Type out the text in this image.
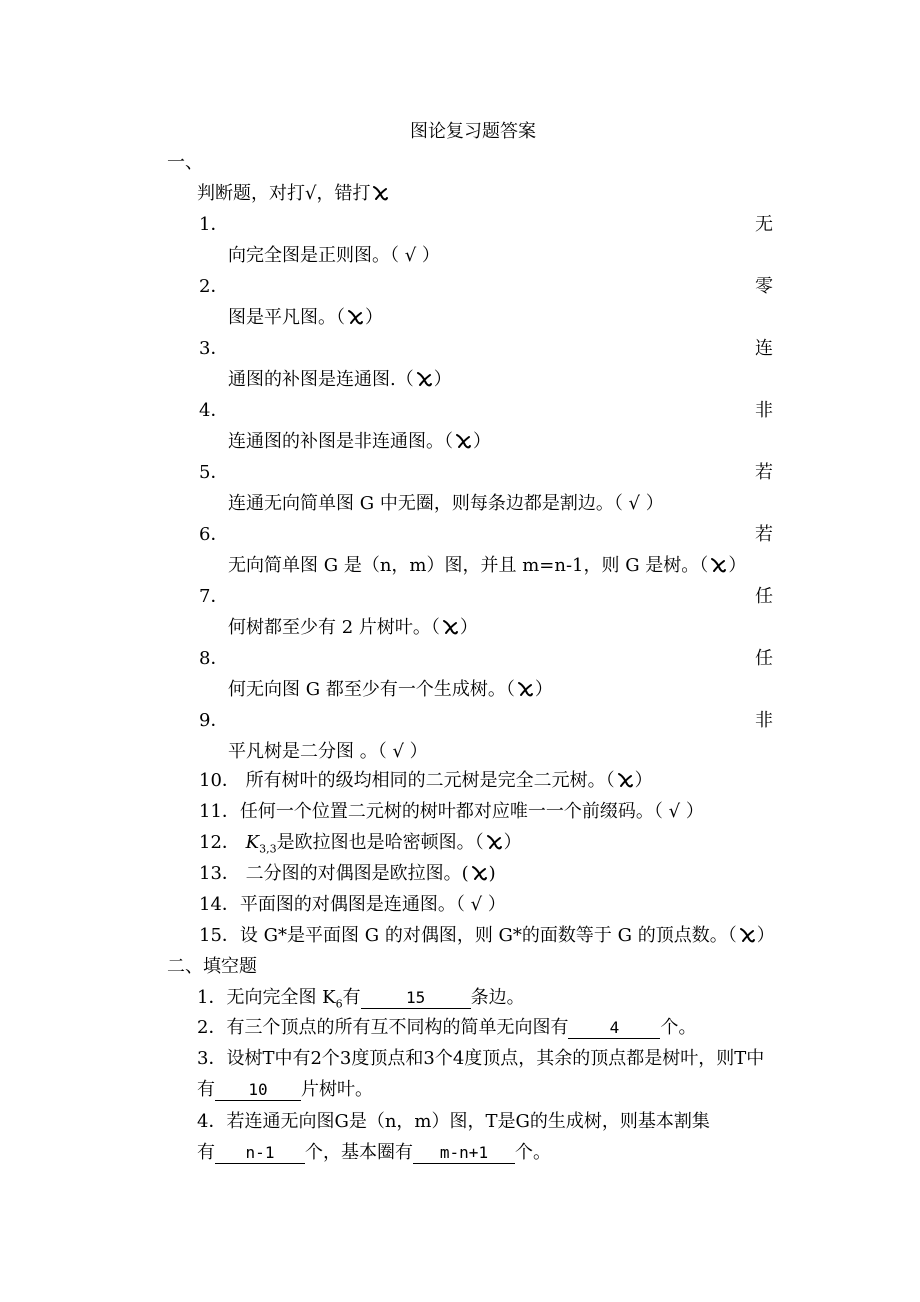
图论复习题答案
一、
判断题，对打√，错打
1．	无
向完全图是正则图。（ √ ）
2．	零
图是平凡图。（ ）
3．	连
通图的补图是连通图.（ ）
4．	非
连通图的补图是非连通图。（ ）
5．	若
连通无向简单图 G 中无圈，则每条边都是割边。（ √ ）
6．	若
无向简单图 G 是（n，m）图，并且 m=n-1，则 G 是树。（ ）
7．	任
何树都至少有 2 片树叶。（ ）
8．	任
何无向图 G 都至少有一个生成树。（ ）
9．	非
平凡树是二分图 。（ √ ）
10． 所有树叶的级均相同的二元树是完全二元树。（ ）
11．任何一个位置二元树的树叶都对应唯一一个前缀码。（ √ ）
12． $K_{3,3}$是欧拉图也是哈密顿图。（ ）
13． 二分图的对偶图是欧拉图。( )
14．平面图的对偶图是连通图。（ √ ）
15．设 G*是平面图 G 的对偶图，则 G*的面数等于 G 的顶点数。（ ）
二、填空题
1．无向完全图 $K_6$有	15	条边。
2．有三个顶点的所有互不同构的简单无向图有	4 个。
3．设树T中有2个3度顶点和3个4度顶点，其余的顶点都是树叶，则T中
有 10 片树叶。
4．若连通无向图G是（n，m）图，T是G的生成树，则基本割集
有 n-1 个，基本圈有 m-n+1 个。
